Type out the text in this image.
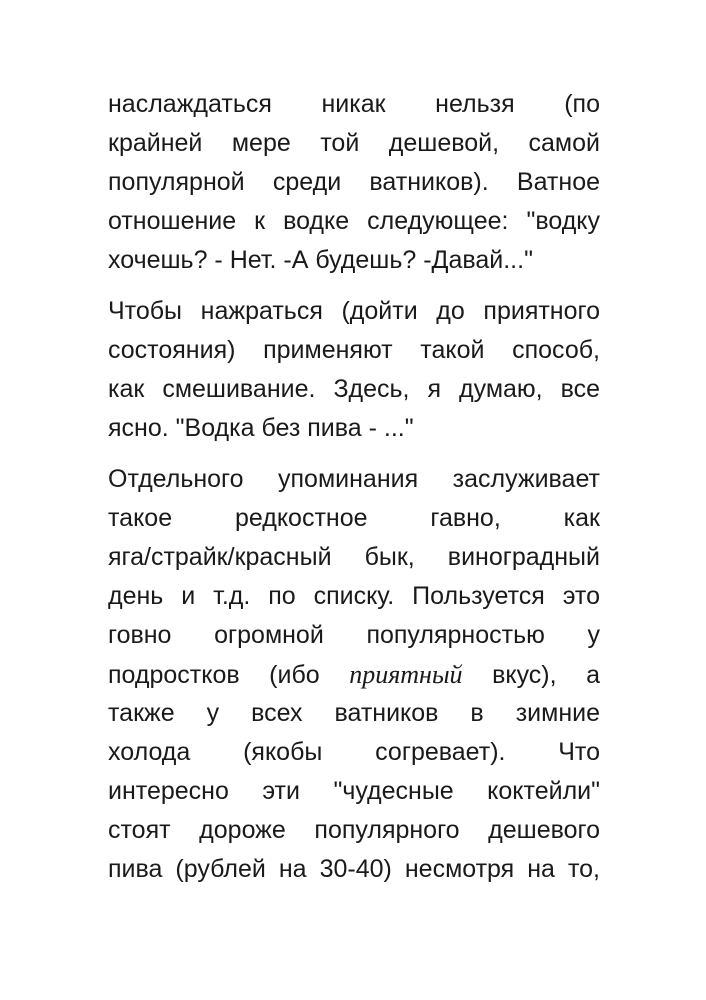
наслаждаться никак нельзя (по
крайней мере той дешевой, самой
популярной среди ватников). Ватное
отношение к водке следующее: "водку
хочешь? - Нет. -А будешь? -Давай..."

Чтобы нажраться (дойти до приятного
состояния) применяют такой способ,
как смешивание. Здесь, я думаю, все
ясно. "Водка без пива - ..."

Отдельного упоминания заслуживает
такое редкостное гавно, как
яга/страйк/красный бык, виноградный
день и т.д. по списку. Пользуется это
говно огромной популярностью у
подростков (ибо приятный вкус), а
также у всех ватников в зимние
холода (якобы согревает). Что
интересно эти "чудесные коктейли"
стоят дороже популярного дешевого
пива (рублей на 30-40) несмотря на то,
